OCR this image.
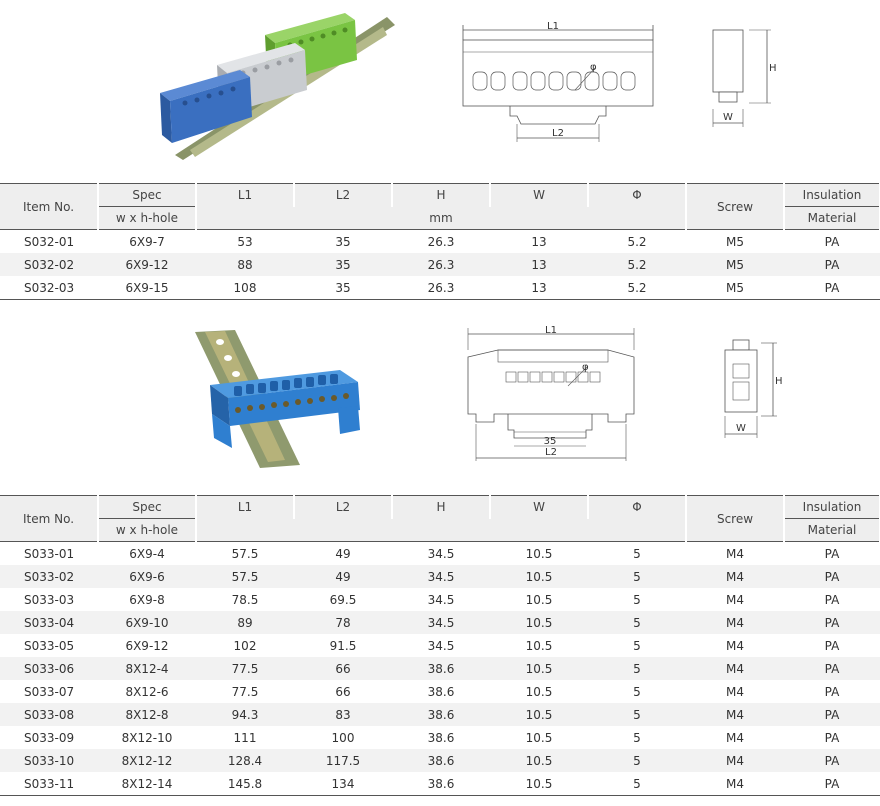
L1
φ
L2
H
W
Item No.	Spec	L1	L2	H	W	Φ	Screw	Insulation
	w x h-hole	mm						Material
S032-01	6X9-7	53	35	26.3	13	5.2	M5	PA
S032-02	6X9-12	88	35	26.3	13	5.2	M5	PA
S032-03	6X9-15	108	35	26.3	13	5.2	M5	PA
L1
φ
35
L2
H
W
Item No.	Spec	L1	L2	H	W	Φ	Screw	Insulation
	w x h-hole							Material
S033-01	6X9-4	57.5	49	34.5	10.5	5	M4	PA
S033-02	6X9-6	57.5	49	34.5	10.5	5	M4	PA
S033-03	6X9-8	78.5	69.5	34.5	10.5	5	M4	PA
S033-04	6X9-10	89	78	34.5	10.5	5	M4	PA
S033-05	6X9-12	102	91.5	34.5	10.5	5	M4	PA
S033-06	8X12-4	77.5	66	38.6	10.5	5	M4	PA
S033-07	8X12-6	77.5	66	38.6	10.5	5	M4	PA
S033-08	8X12-8	94.3	83	38.6	10.5	5	M4	PA
S033-09	8X12-10	111	100	38.6	10.5	5	M4	PA
S033-10	8X12-12	128.4	117.5	38.6	10.5	5	M4	PA
S033-11	8X12-14	145.8	134	38.6	10.5	5	M4	PA
